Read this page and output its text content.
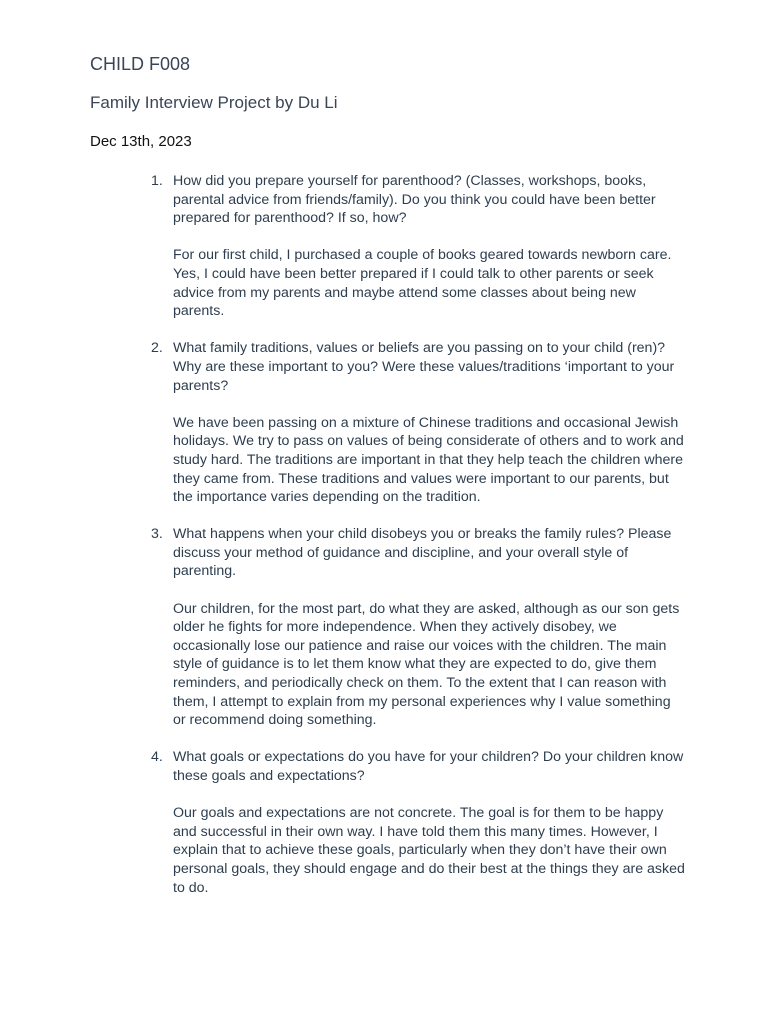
CHILD F008
Family Interview Project by Du Li
Dec 13th, 2023
1. How did you prepare yourself for parenthood? (Classes, workshops, books, parental advice from friends/family). Do you think you could have been better prepared for parenthood? If so, how?

For our first child, I purchased a couple of books geared towards newborn care. Yes, I could have been better prepared if I could talk to other parents or seek advice from my parents and maybe attend some classes about being new parents.

2. What family traditions, values or beliefs are you passing on to your child (ren)? Why are these important to you? Were these values/traditions ‘important to your parents?

We have been passing on a mixture of Chinese traditions and occasional Jewish holidays. We try to pass on values of being considerate of others and to work and study hard. The traditions are important in that they help teach the children where they came from. These traditions and values were important to our parents, but the importance varies depending on the tradition.

3. What happens when your child disobeys you or breaks the family rules? Please discuss your method of guidance and discipline, and your overall style of parenting.

Our children, for the most part, do what they are asked, although as our son gets older he fights for more independence. When they actively disobey, we occasionally lose our patience and raise our voices with the children. The main style of guidance is to let them know what they are expected to do, give them reminders, and periodically check on them. To the extent that I can reason with them, I attempt to explain from my personal experiences why I value something or recommend doing something.

4. What goals or expectations do you have for your children? Do your children know these goals and expectations?

Our goals and expectations are not concrete. The goal is for them to be happy and successful in their own way. I have told them this many times. However, I explain that to achieve these goals, particularly when they don’t have their own personal goals, they should engage and do their best at the things they are asked to do.
